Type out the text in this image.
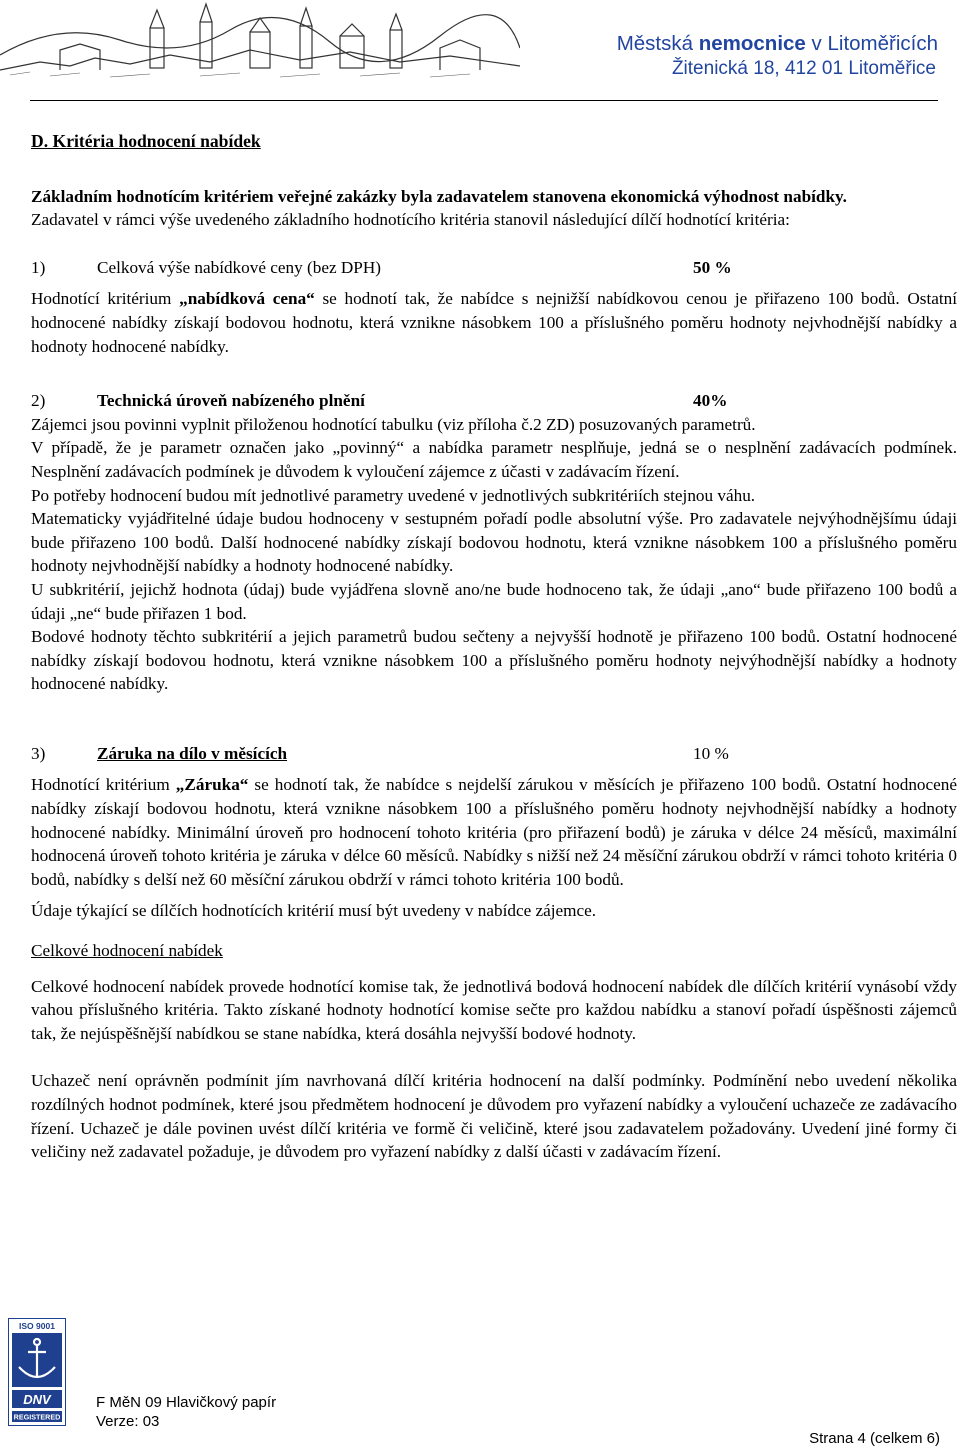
Městská nemocnice v Litoměřicích
Žitenická 18, 412 01 Litoměřice

D. Kritéria hodnocení nabídek

Základním hodnotícím kritériem veřejné zakázky byla zadavatelem stanovena ekonomická výhodnost nabídky.

Zadavatel v rámci výše uvedeného základního hodnotícího kritéria stanovil následující dílčí hodnotící kritéria:

1)	Celková výše nabídkové ceny (bez DPH)	50 %

Hodnotící kritérium „nabídková cena“ se hodnotí tak, že nabídce s nejnižší nabídkovou cenou je přiřazeno 100 bodů. Ostatní hodnocené nabídky získají bodovou hodnotu, která vznikne násobkem 100 a příslušného poměru hodnoty nejvhodnější nabídky a hodnoty hodnocené nabídky.

2)	Technická úroveň nabízeného plnění	40%

Zájemci jsou povinni vyplnit přiloženou hodnotící tabulku (viz příloha č.2 ZD) posuzovaných parametrů.

V případě, že je parametr označen jako „povinný“ a nabídka parametr nesplňuje, jedná se o nesplnění zadávacích podmínek. Nesplnění zadávacích podmínek je důvodem k vyloučení zájemce z účasti v zadávacím řízení.

Po potřeby hodnocení budou mít jednotlivé parametry uvedené v jednotlivých subkritériích stejnou váhu.

Matematicky vyjádřitelné údaje budou hodnoceny v sestupném pořadí podle absolutní výše. Pro zadavatele nejvýhodnějšímu údaji bude přiřazeno 100 bodů. Další hodnocené nabídky získají bodovou hodnotu, která vznikne násobkem 100 a příslušného poměru hodnoty nejvhodnější nabídky a hodnoty hodnocené nabídky.

U subkritérií, jejichž hodnota (údaj) bude vyjádřena slovně ano/ne bude hodnoceno tak, že údaji „ano“ bude přiřazeno 100 bodů a údaji „ne“ bude přiřazen 1 bod.

Bodové hodnoty těchto subkritérií a jejich parametrů budou sečteny a nejvyšší hodnotě je přiřazeno 100 bodů. Ostatní hodnocené nabídky získají bodovou hodnotu, která vznikne násobkem 100 a příslušného poměru hodnoty nejvýhodnější nabídky a hodnoty hodnocené nabídky.

3)	Záruka na dílo v měsících	10 %

Hodnotící kritérium „Záruka“ se hodnotí tak, že nabídce s nejdelší zárukou v měsících je přiřazeno 100 bodů. Ostatní hodnocené nabídky získají bodovou hodnotu, která vznikne násobkem 100 a příslušného poměru hodnoty nejvhodnější nabídky a hodnoty hodnocené nabídky. Minimální úroveň pro hodnocení tohoto kritéria (pro přiřazení bodů) je záruka v délce 24 měsíců, maximální hodnocená úroveň tohoto kritéria je záruka v délce 60 měsíců. Nabídky s nižší než 24 měsíční zárukou obdrží v rámci tohoto kritéria 0 bodů, nabídky s delší než 60 měsíční zárukou obdrží v rámci tohoto kritéria 100 bodů.

Údaje týkající se dílčích hodnotících kritérií musí být uvedeny v nabídce zájemce.

Celkové hodnocení nabídek

Celkové hodnocení nabídek provede hodnotící komise tak, že jednotlivá bodová hodnocení nabídek dle dílčích kritérií vynásobí vždy vahou příslušného kritéria. Takto získané hodnoty hodnotící komise sečte pro každou nabídku a stanoví pořadí úspěšnosti zájemců tak, že nejúspěšnější nabídkou se stane nabídka, která dosáhla nejvyšší bodové hodnoty.

Uchazeč není oprávněn podmínit jím navrhovaná dílčí kritéria hodnocení na další podmínky. Podmínění nebo uvedení několika rozdílných hodnot podmínek, které jsou předmětem hodnocení je důvodem pro vyřazení nabídky a vyloučení uchazeče ze zadávacího řízení. Uchazeč je dále povinen uvést dílčí kritéria ve formě či veličině, které jsou zadavatelem požadovány. Uvedení jiné formy či veličiny než zadavatel požaduje, je důvodem pro vyřazení nabídky z další účasti v zadávacím řízení.

ISO 9001
DNV
REGISTERED
F MěN 09 Hlavičkový papír
Verze: 03
Strana 4 (celkem 6)
